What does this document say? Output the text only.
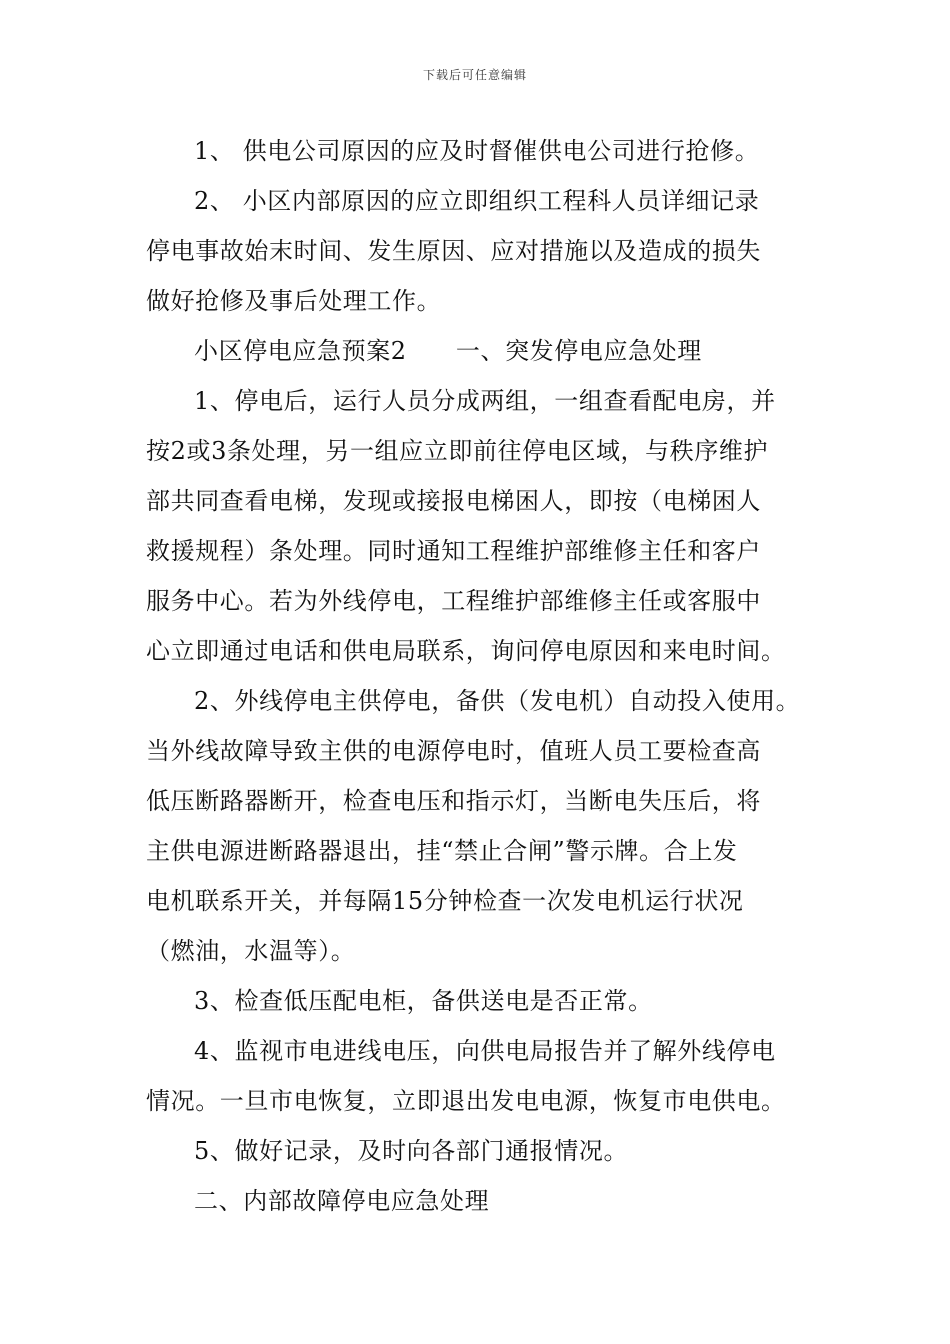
下载后可任意编辑
1、 供电公司原因的应及时督催供电公司进行抢修。
2、 小区内部原因的应立即组织工程科人员详细记录
停电事故始末时间、发生原因、应对措施以及造成的损失
做好抢修及事后处理工作。
小区停电应急预案2　　一、突发停电应急处理
1、停电后，运行人员分成两组，一组查看配电房，并
按2或3条处理，另一组应立即前往停电区域，与秩序维护
部共同查看电梯，发现或接报电梯困人，即按（电梯困人
救援规程）条处理。同时通知工程维护部维修主任和客户
服务中心。若为外线停电，工程维护部维修主任或客服中
心立即通过电话和供电局联系，询问停电原因和来电时间。
2、外线停电主供停电，备供（发电机）自动投入使用。
当外线故障导致主供的电源停电时，值班人员工要检查高
低压断路器断开，检查电压和指示灯，当断电失压后，将
主供电源进断路器退出，挂“禁止合闸”警示牌。合上发
电机联系开关，并每隔15分钟检查一次发电机运行状况
（燃油，水温等）。
3、检查低压配电柜，备供送电是否正常。
4、监视市电进线电压，向供电局报告并了解外线停电
情况。一旦市电恢复，立即退出发电电源，恢复市电供电。
5、做好记录，及时向各部门通报情况。
二、内部故障停电应急处理
